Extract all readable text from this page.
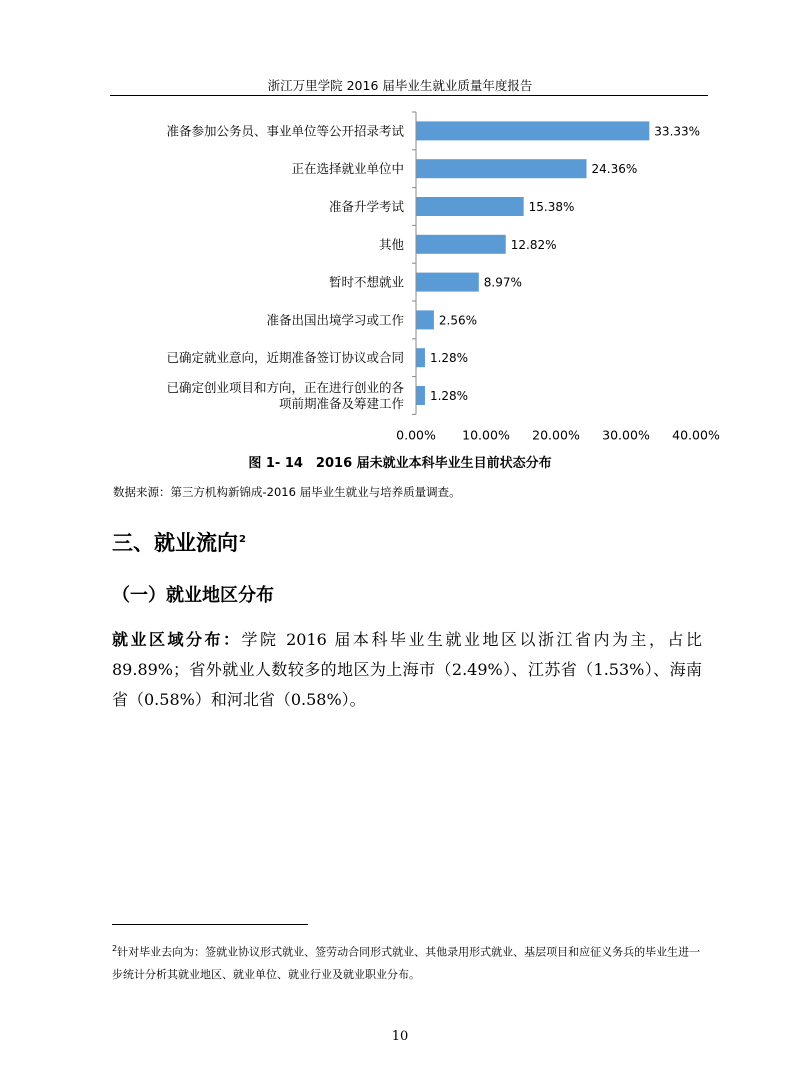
浙江万里学院 2016 届毕业生就业质量年度报告
33.33%
准备参加公务员、事业单位等公开招录考试
24.36%
正在选择就业单位中
15.38%
准备升学考试
12.82%
其他
8.97%
暂时不想就业
2.56%
准备出国出境学习或工作
1.28%
已确定就业意向，近期准备签订协议或合同
1.28%
已确定创业项目和方向，正在进行创业的各
项前期准备及筹建工作
0.00% 10.00% 20.00% 30.00% 40.00%
图 1- 14　2016 届未就业本科毕业生目前状态分布
数据来源：第三方机构新锦成-2016 届毕业生就业与培养质量调查。
三、就业流向$^2$
（一）就业地区分布
就业区域分布：学院 2016 届本科毕业生就业地区以浙江省内为主，占比 89.89%；省外就业人数较多的地区为上海市（2.49%）、江苏省（1.53%）、海南省（0.58%）和河北省（0.58%）。
$^2$针对毕业去向为：签就业协议形式就业、签劳动合同形式就业、其他录用形式就业、基层项目和应征义务兵的毕业生进一步统计分析其就业地区、就业单位、就业行业及就业职业分布。
10
